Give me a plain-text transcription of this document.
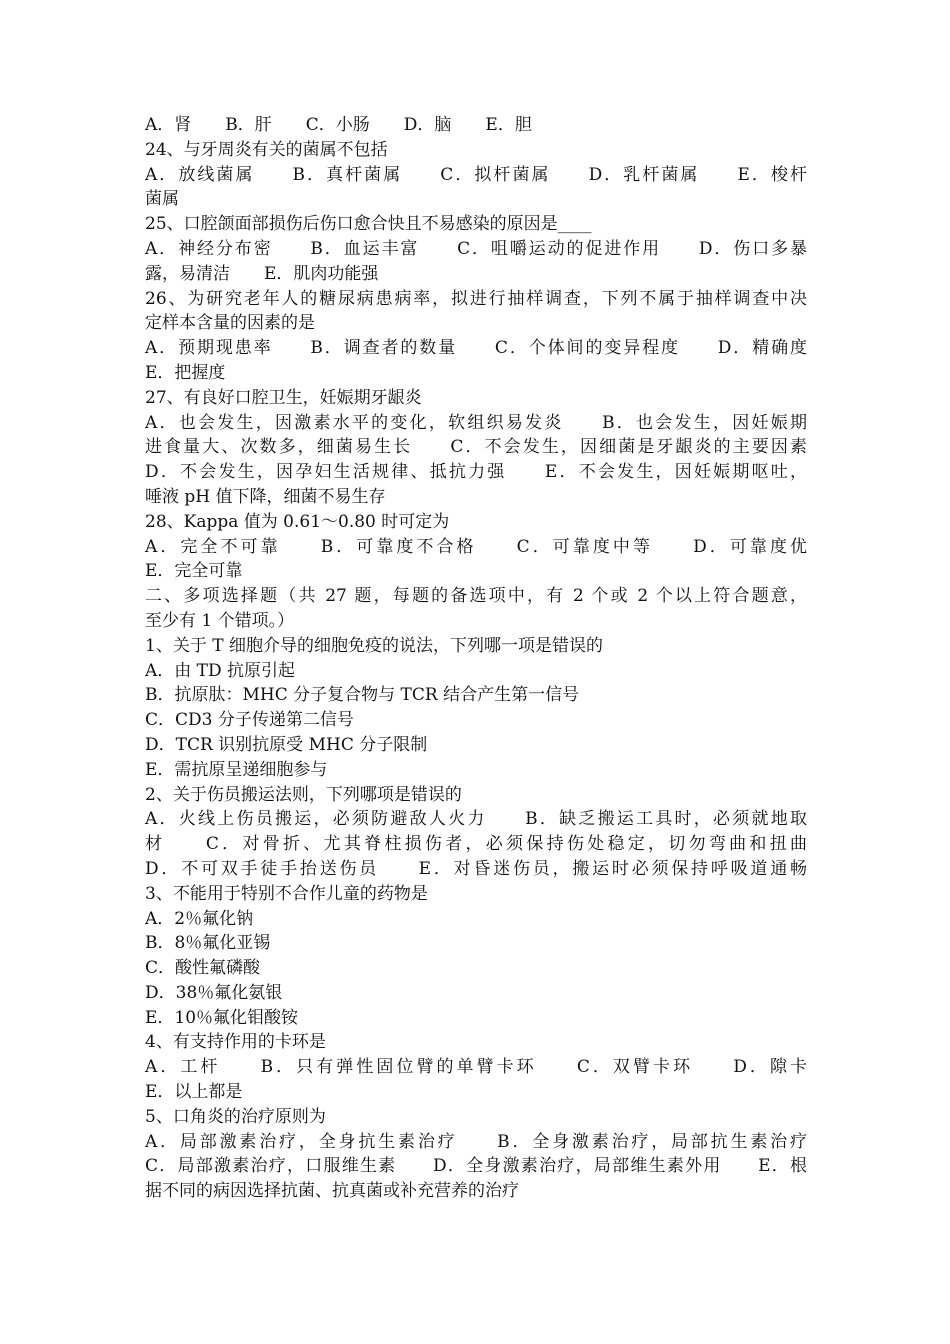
A．肾　　B．肝　　C．小肠　　D．脑　　E．胆
24、与牙周炎有关的菌属不包括
A．放线菌属　　B．真杆菌属　　C．拟杆菌属　　D．乳杆菌属　　E．梭杆
菌属
25、口腔颌面部损伤后伤口愈合快且不易感染的原因是____
A．神经分布密　　B．血运丰富　　C．咀嚼运动的促进作用　　D．伤口多暴
露，易清洁　　E．肌肉功能强
26、为研究老年人的糖尿病患病率，拟进行抽样调查，下列不属于抽样调查中决
定样本含量的因素的是
A．预期现患率　　B．调查者的数量　　C．个体间的变异程度　　D．精确度
E．把握度
27、有良好口腔卫生，妊娠期牙龈炎
A．也会发生，因激素水平的变化，软组织易发炎　　B．也会发生，因妊娠期
进食量大、次数多，细菌易生长　　C．不会发生，因细菌是牙龈炎的主要因素
D．不会发生，因孕妇生活规律、抵抗力强　　E．不会发生，因妊娠期呕吐，
唾液 pH 值下降，细菌不易生存
28、Kappa 值为 0.61～0.80 时可定为
A．完全不可靠　　B．可靠度不合格　　C．可靠度中等　　D．可靠度优
E．完全可靠
二、多项选择题（共 27 题，每题的备选项中，有 2 个或 2 个以上符合题意，
至少有 1 个错项。）
1、关于 T 细胞介导的细胞免疫的说法，下列哪一项是错误的
A．由 TD 抗原引起
B．抗原肽：MHC 分子复合物与 TCR 结合产生第一信号
C．CD3 分子传递第二信号
D．TCR 识别抗原受 MHC 分子限制
E．需抗原呈递细胞参与
2、关于伤员搬运法则，下列哪项是错误的
A．火线上伤员搬运，必须防避敌人火力　　B．缺乏搬运工具时，必须就地取
材　　C．对骨折、尤其脊柱损伤者，必须保持伤处稳定，切勿弯曲和扭曲
D．不可双手徒手抬送伤员　　E．对昏迷伤员，搬运时必须保持呼吸道通畅
3、不能用于特别不合作儿童的药物是
A．2％氟化钠
B．8％氟化亚锡
C．酸性氟磷酸
D．38％氟化氨银
E．10％氟化钼酸铵
4、有支持作用的卡环是
A．工杆　　B．只有弹性固位臂的单臂卡环　　C．双臂卡环　　D．隙卡
E．以上都是
5、口角炎的治疗原则为
A．局部激素治疗，全身抗生素治疗　　B．全身激素治疗，局部抗生素治疗
C．局部激素治疗，口服维生素　　D．全身激素治疗，局部维生素外用　　E．根
据不同的病因选择抗菌、抗真菌或补充营养的治疗
